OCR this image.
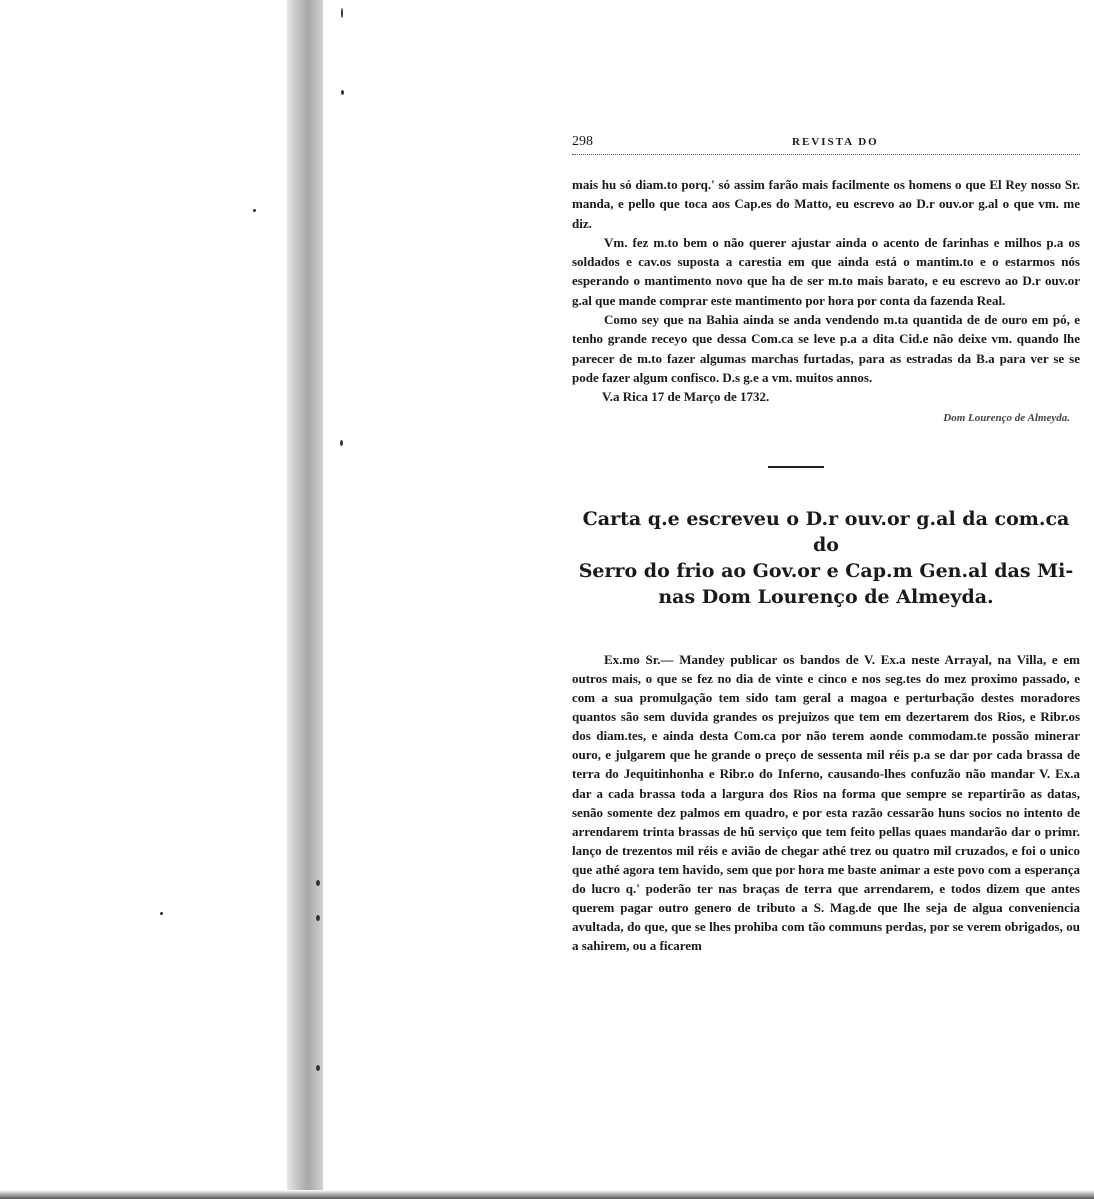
298	REVISTA DO

mais hu só diam.to porq.' só assim farão mais facilmente os homens o que El Rey nosso Sr. manda, e pello que toca aos Cap.es do Matto, eu escrevo ao D.r ouv.or g.al o que vm. me diz.

Vm. fez m.to bem o não querer ajustar ainda o acento de farinhas e milhos p.a os soldados e cav.os suposta a carestia em que ainda está o mantim.to e o estarmos nós esperando o mantimento novo que ha de ser m.to mais barato, e eu escrevo ao D.r ouv.or g.al que mande comprar este mantimento por hora por conta da fazenda Real.

Como sey que na Bahia ainda se anda vendendo m.ta quantida de de ouro em pó, e tenho grande receyo que dessa Com.ca se leve p.a a dita Cid.e não deixe vm. quando lhe parecer de m.to fazer algumas marchas furtadas, para as estradas da B.a para ver se se pode fazer algum confisco. D.s g.e a vm. muitos annos.

V.a Rica 17 de Março de 1732.
Dom Lourenço de Almeyda.
Carta q.e escreveu o D.r ouv.or g.al da com.ca do
Serro do frio ao Gov.or e Cap.m Gen.al das Mi-
nas Dom Lourenço de Almeyda.

Ex.mo Sr.— Mandey publicar os bandos de V. Ex.a neste Arrayal, na Villa, e em outros mais, o que se fez no dia de vinte e cinco e nos seg.tes do mez proximo passado, e com a sua promulgação tem sido tam geral a magoa e perturbação destes moradores quantos são sem duvida grandes os prejuizos que tem em dezertarem dos Rios, e Ribr.os dos diam.tes, e ainda desta Com.ca por não terem aonde commodam.te possão minerar ouro, e julgarem que he grande o preço de sessenta mil réis p.a se dar por cada brassa de terra do Jequitinhonha e Ribr.o do Inferno, causando-lhes confuzão não mandar V. Ex.a dar a cada brassa toda a largura dos Rios na forma que sempre se repartirão as datas, senão somente dez palmos em quadro, e por esta razão cessarão huns socios no intento de arrendarem trinta brassas de hũ serviço que tem feito pellas quaes mandarão dar o primr. lanço de trezentos mil réis e avião de chegar athé trez ou quatro mil cruzados, e foi o unico que athé agora tem havido, sem que por hora me baste animar a este povo com a esperança do lucro q.' poderão ter nas braças de terra que arrendarem, e todos dizem que antes querem pagar outro genero de tributo a S. Mag.de que lhe seja de algua conveniencia avultada, do que, que se lhes prohiba com tão communs perdas, por se verem obrigados, ou a sahirem, ou a ficarem
